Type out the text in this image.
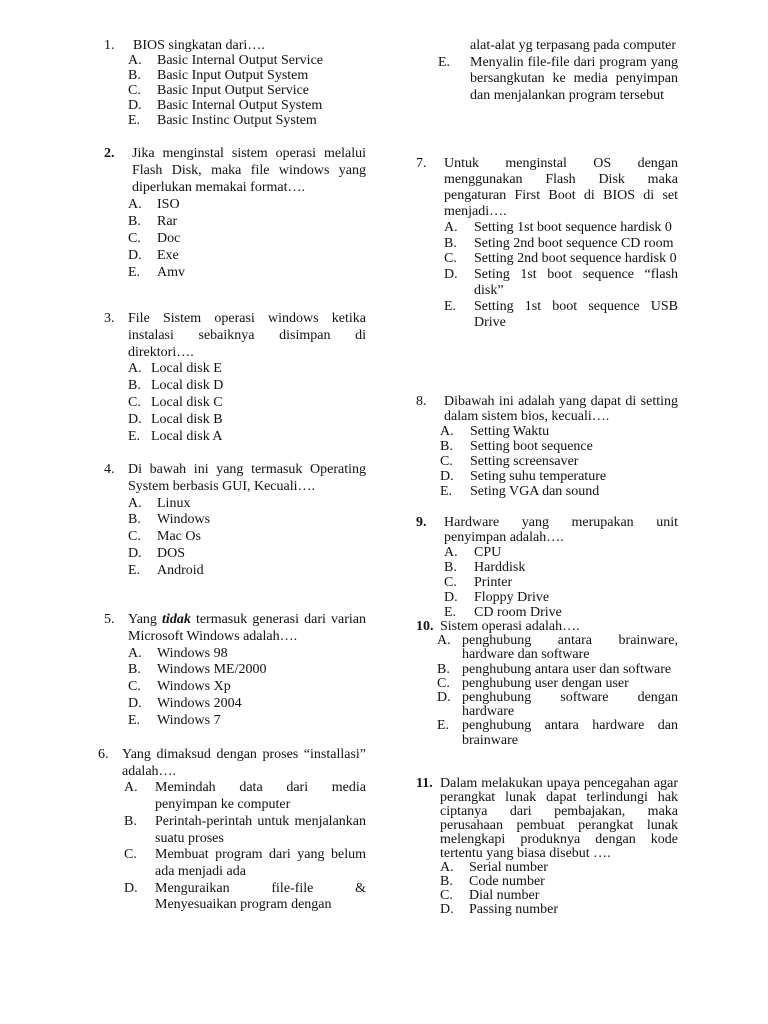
1.	BIOS singkatan dari….
A.	Basic Internal Output Service
B.	Basic Input Output System
C.	Basic Input Output Service
D.	Basic Internal Output System
E.	Basic Instinc Output System
2.	Jika menginstal sistem operasi melalui Flash Disk, maka file windows yang diperlukan memakai format….
A.	ISO
B.	Rar
C.	Doc
D.	Exe
E.	Amv
3. File Sistem operasi windows ketika instalasi sebaiknya disimpan di direktori….
A. Local disk E
B. Local disk D
C. Local disk C
D. Local disk B
E. Local disk A
4. Di bawah ini yang termasuk Operating System berbasis GUI, Kecuali….
A.	Linux
B.	Windows
C.	Mac Os
D.	DOS
E.	Android
5. Yang tidak termasuk generasi dari varian Microsoft Windows adalah….
A.	Windows 98
B.	Windows ME/2000
C.	Windows Xp
D.	Windows 2004
E.	Windows 7
6. Yang dimaksud dengan proses “installasi” adalah….
A.	Memindah data dari media penyimpan ke computer
B.	Perintah-perintah untuk menjalankan suatu proses
C.	Membuat program dari yang belum ada menjadi ada
D.	Menguraikan file-file & Menyesuaikan program dengan
alat-alat yg terpasang pada computer
E.	Menyalin file-file dari program yang bersangkutan ke media penyimpan dan menjalankan program tersebut
7.	Untuk menginstal OS dengan menggunakan Flash Disk maka pengaturan First Boot di BIOS di set menjadi….
A.	Setting 1st boot sequence hardisk 0
B.	Seting 2nd boot sequence CD room
C.	Setting 2nd boot sequence hardisk 0
D.	Seting 1st boot sequence “flash disk”
E.	Setting 1st boot sequence USB Drive
8.	Dibawah ini adalah yang dapat di setting dalam sistem bios, kecuali….
A.	Setting Waktu
B.	Setting boot sequence
C.	Setting screensaver
D.	Seting suhu temperature
E.	Seting VGA dan sound
9.	Hardware yang merupakan unit penyimpan adalah….
A.	CPU
B.	Harddisk
C.	Printer
D.	Floppy Drive
E.	CD room Drive
10. Sistem operasi adalah….
A. penghubung antara brainware, hardware dan software
B. penghubung antara user dan software
C. penghubung user dengan user
D. penghubung software dengan hardware
E. penghubung antara hardware dan brainware
11. Dalam melakukan upaya pencegahan agar perangkat lunak dapat terlindungi hak ciptanya dari pembajakan, maka perusahaan pembuat perangkat lunak melengkapi produknya dengan kode tertentu yang biasa disebut ….
A.	Serial number
B.	Code number
C.	Dial number
D.	Passing number
